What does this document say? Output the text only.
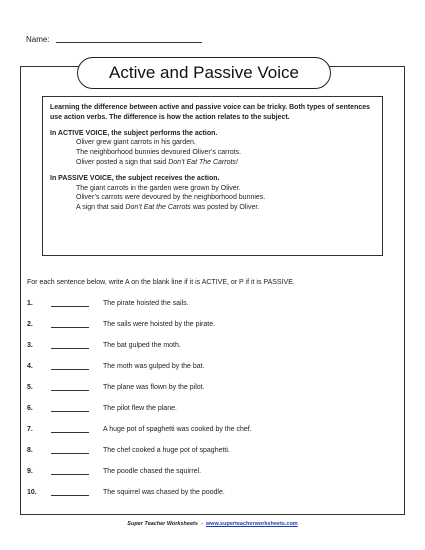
Name:
Active and Passive Voice

Learning the difference between active and passive voice can be tricky. Both types of sentences use action verbs. The difference is how the action relates to the subject.

In ACTIVE VOICE, the subject performs the action.

Oliver grew giant carrots in his garden.

The neighborhood bunnies devoured Oliver’s carrots.

Oliver posted a sign that said Don’t Eat The Carrots!

In PASSIVE VOICE, the subject receives the action.

The giant carrots in the garden were grown by Oliver.

Oliver’s carrots were devoured by the neighborhood bunnies.

A sign that said Don’t Eat the Carrots was posted by Oliver.

For each sentence below, write A on the blank line if it is ACTIVE, or P if it is PASSIVE.
1.	The pirate hoisted the sails.
2.	The sails were hoisted by the pirate.
3.	The bat gulped the moth.
4.	The moth was gulped by the bat.
5.	The plane was flown by the pilot.
6.	The pilot flew the plane.
7.	A huge pot of spaghetti was cooked by the chef.
8.	The chef cooked a huge pot of spaghetti.
9.	The poodle chased the squirrel.
10.	The squirrel was chased by the poodle.
Super Teacher Worksheets - www.superteacherworksheets.com
